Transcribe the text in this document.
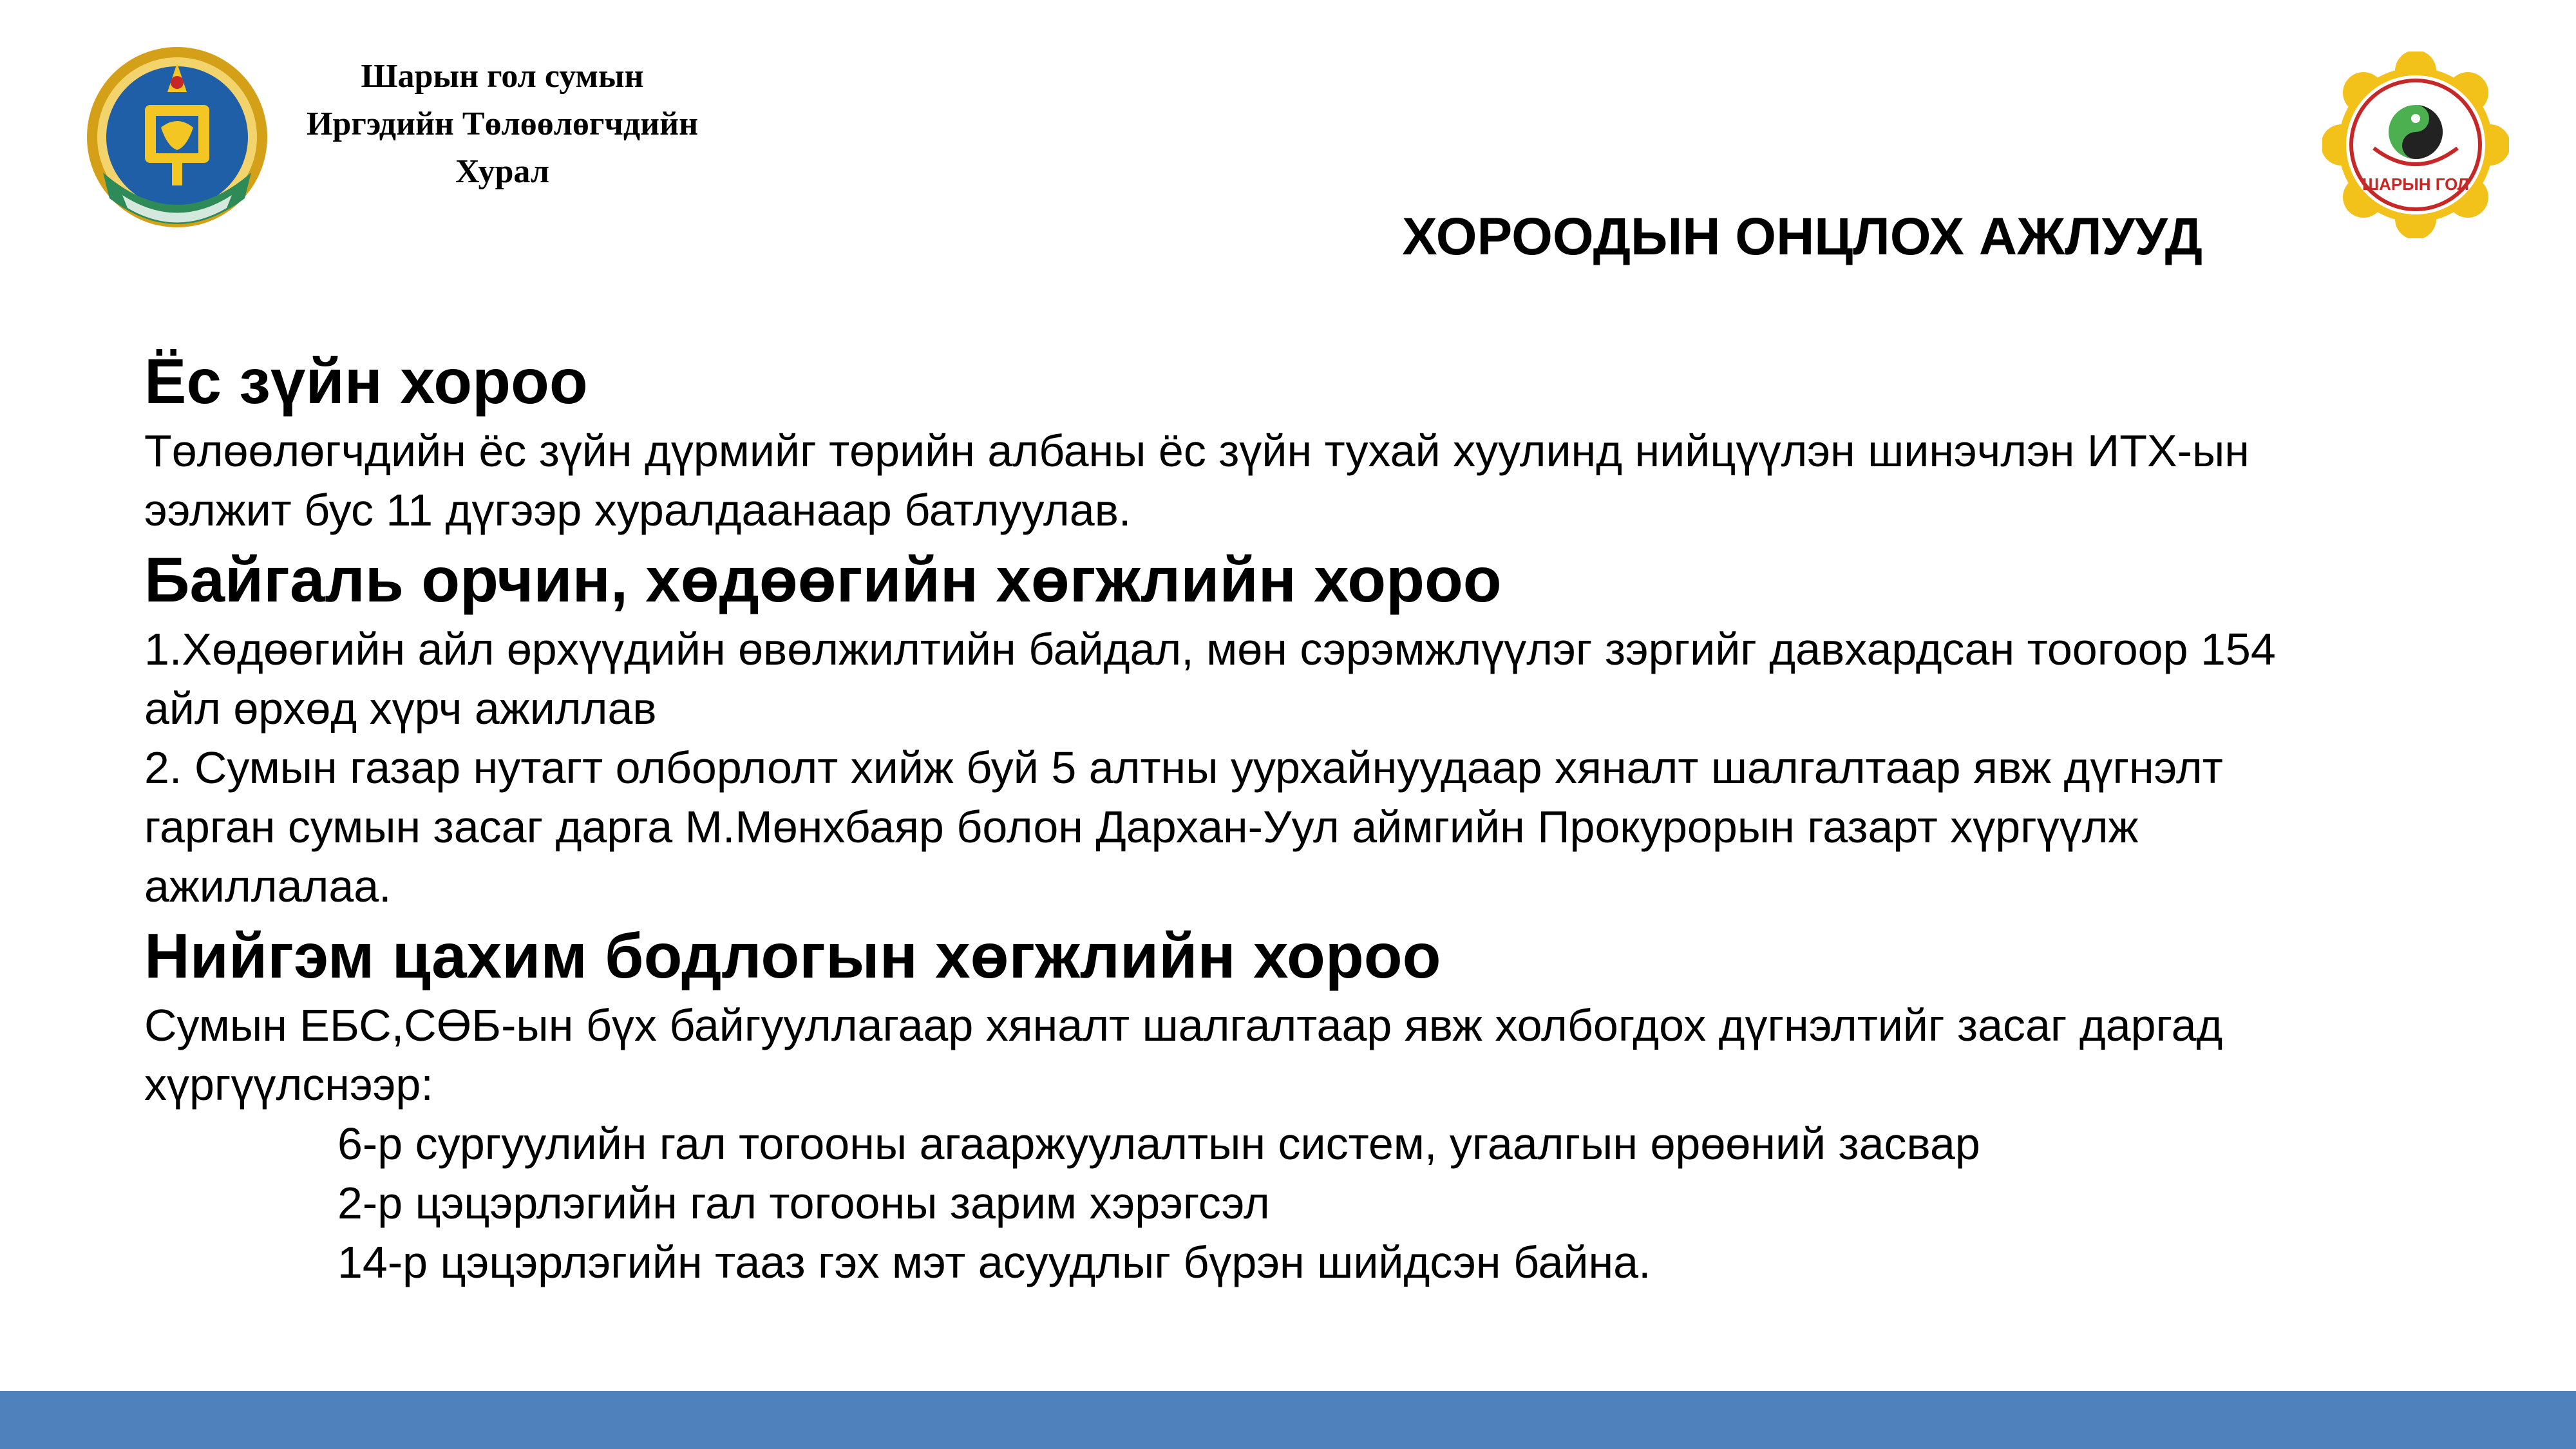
Шарын гол сумын
Иргэдийн Төлөөлөгчдийн
Хурал	ШАРЫН ГОЛ
ХОРООДЫН ОНЦЛОХ АЖЛУУД
Ёс зүйн хороо
Төлөөлөгчдийн ёс зүйн дүрмийг төрийн албаны ёс зүйн тухай хуулинд нийцүүлэн шинэчлэн ИТХ-ын
ээлжит бус 11 дүгээр хуралдаанаар батлуулав.
Байгаль орчин, хөдөөгийн хөгжлийн хороо
1.Хөдөөгийн айл өрхүүдийн өвөлжилтийн байдал, мөн сэрэмжлүүлэг зэргийг давхардсан тоогоор 154
айл өрхөд хүрч ажиллав
2. Сумын газар нутагт олборлолт хийж буй 5 алтны уурхайнуудаар хяналт шалгалтаар явж дүгнэлт
гарган сумын засаг дарга М.Мөнхбаяр болон Дархан-Уул аймгийн Прокурорын газарт хүргүүлж
ажиллалаа.
Нийгэм цахим бодлогын хөгжлийн хороо
Сумын ЕБС,СӨБ-ын бүх байгууллагаар хяналт шалгалтаар явж холбогдох дүгнэлтийг засаг даргад
хүргүүлснээр:
6-р сургуулийн гал тогооны агааржуулалтын систем, угаалгын өрөөний засвар
2-р цэцэрлэгийн гал тогооны зарим хэрэгсэл
14-р цэцэрлэгийн тааз гэх мэт асуудлыг бүрэн шийдсэн байна.
